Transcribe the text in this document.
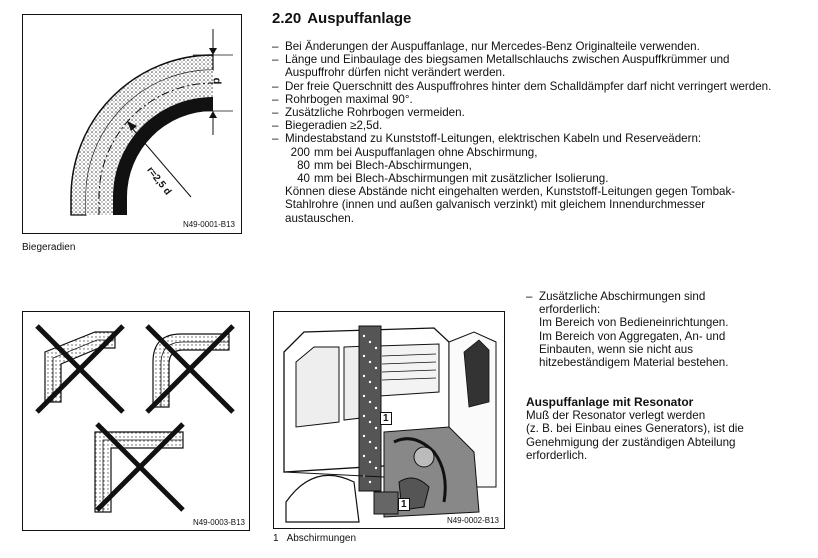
d
r=2,5 d
N49-0001-B13
Biegeradien
2.20 Auspuffanlage
– Bei Änderungen der Auspuffanlage, nur Mercedes-Benz Originalteile verwenden.
– Länge und Einbaulage des biegsamen Metallschlauchs zwischen Auspuffkrümmer und Auspuffrohr dürfen nicht verändert werden.
– Der freie Querschnitt des Auspuffrohres hinter dem Schalldämpfer darf nicht verringert werden.
– Rohrbogen maximal 90°.
– Zusätzliche Rohrbogen vermeiden.
– Biegeradien ≥2,5d.
– Mindestabstand zu Kunststoff-Leitungen, elektrischen Kabeln und Reserveädern:
200 mm bei Auspuffanlagen ohne Abschirmung,
80 mm bei Blech-Abschirmungen,
40 mm bei Blech-Abschirmungen mit zusätzlicher Isolierung.
Können diese Abstände nicht eingehalten werden, Kunststoff-Leitungen gegen Tombak-Stahlrohre (innen und außen galvanisch verzinkt) mit gleichem Innendurchmesser austauschen.
N49-0003-B13
1
1
N49-0002-B13
1 Abschirmungen
– Zusätzliche Abschirmungen sind
erforderlich:
Im Bereich von Bedieneinrichtungen.
Im Bereich von Aggregaten, An- und
Einbauten, wenn sie nicht aus
hitzebeständigem Material bestehen.
Auspuffanlage mit Resonator
Muß der Resonator verlegt werden
(z. B. bei Einbau eines Generators), ist die
Genehmigung der zuständigen Abteilung
erforderlich.
